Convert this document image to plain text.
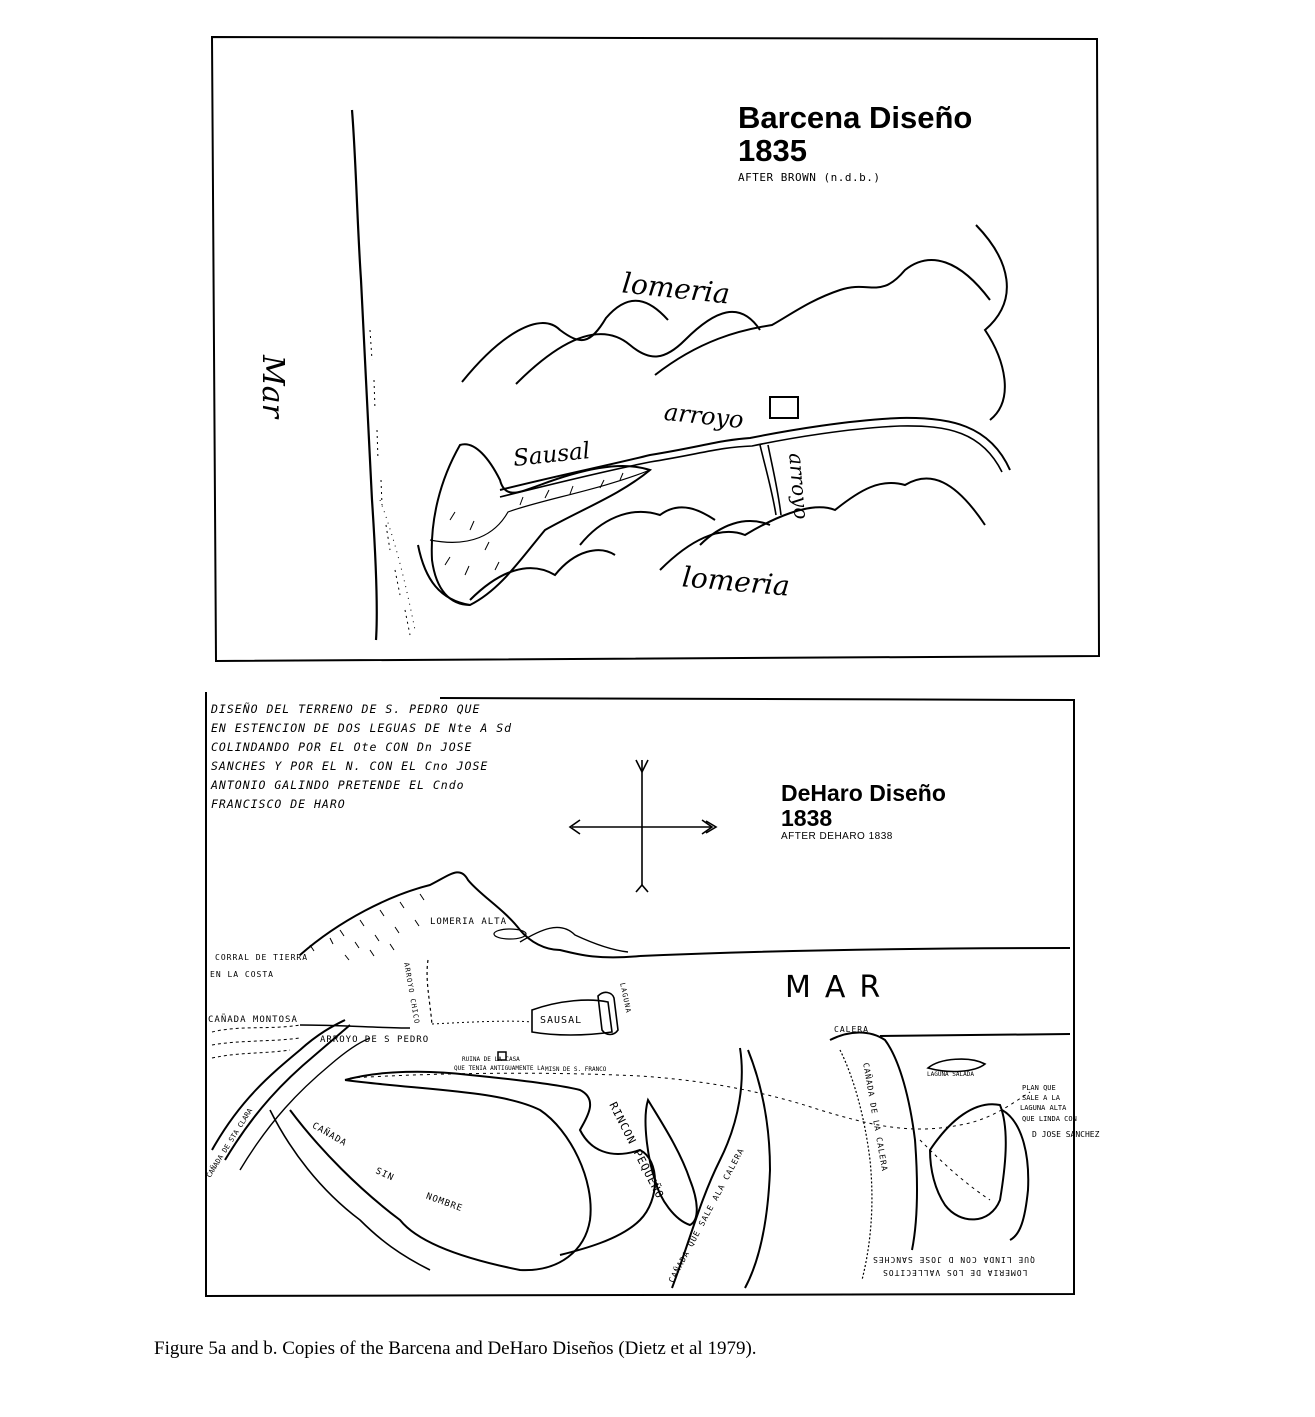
Barcena Diseño
1835
AFTER BROWN (n.d.b.)
Mar
lomeria
arroyo
Sausal	arroyo
lomeria
DISEÑO DEL TERRENO DE S. PEDRO QUE
EN ESTENCION DE DOS LEGUAS DE Nte A Sd
COLINDANDO POR EL Ote CON Dn JOSE
SANCHES Y POR EL N. CON EL Cno JOSE
ANTONIO GALINDO PRETENDE EL Cndo
FRANCISCO DE HARO	DeHaro Diseño
1838
AFTER DEHARO 1838
MAR
LOMERIA ALTA
CORRAL DE TIERRA
EN LA COSTA
CAÑADA MONTOSA
ARROYO DE S PEDRO
ARROYO CHICO	SAUSAL
LAGUNA
RUINA DE LA CASA
QUE TENIA ANTIGUAMENTE LA MISN DE S. FRANCO
CALERA
LAGUNA SALADA
CAÑADA DE LA CALERA
RINCON PEQUEÑO CAÑADA QUE SALE ALA CALERA
CAÑADA
SIN
NOMBRE
CAÑADA DE STA CLARA
PLAN QUE
SALE A LA
LAGUNA ALTA
QUE LINDA CON
D JOSE SANCHEZ
LOMERIA DE LOS VALLECITOS
QUE LINDA CON D JOSE SANCHES
Figure 5a and b. Copies of the Barcena and DeHaro Diseños (Dietz et al 1979).
